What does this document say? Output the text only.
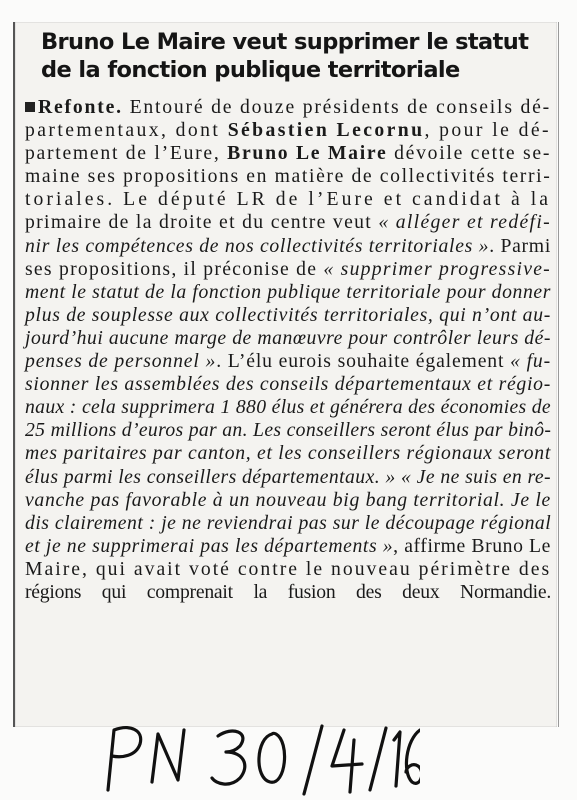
Bruno Le Maire veut supprimer le statut
de la fonction publique territoriale
Refonte. Entouré de douze présidents de conseils dé-
partementaux, dont Sébastien Lecornu, pour le dé-
partement de l’Eure, Bruno Le Maire dévoile cette se-
maine ses propositions en matière de collectivités terri-
toriales. Le député LR de l’Eure et candidat à la
primaire de la droite et du centre veut « alléger et redéfi-
nir les compétences de nos collectivités territoriales ». Parmi
ses propositions, il préconise de « supprimer progressive-
ment le statut de la fonction publique territoriale pour donner
plus de souplesse aux collectivités territoriales, qui n’ont au-
jourd’hui aucune marge de manœuvre pour contrôler leurs dé-
penses de personnel ». L’élu eurois souhaite également « fu-
sionner les assemblées des conseils départementaux et régio-
naux : cela supprimera 1 880 élus et générera des économies de
25 millions d’euros par an. Les conseillers seront élus par binô-
mes paritaires par canton, et les conseillers régionaux seront
élus parmi les conseillers départementaux. » « Je ne suis en re-
vanche pas favorable à un nouveau big bang territorial. Je le
dis clairement : je ne reviendrai pas sur le découpage régional
et je ne supprimerai pas les départements », affirme Bruno Le
Maire, qui avait voté contre le nouveau périmètre des
régions qui comprenait la fusion des deux Normandie.
